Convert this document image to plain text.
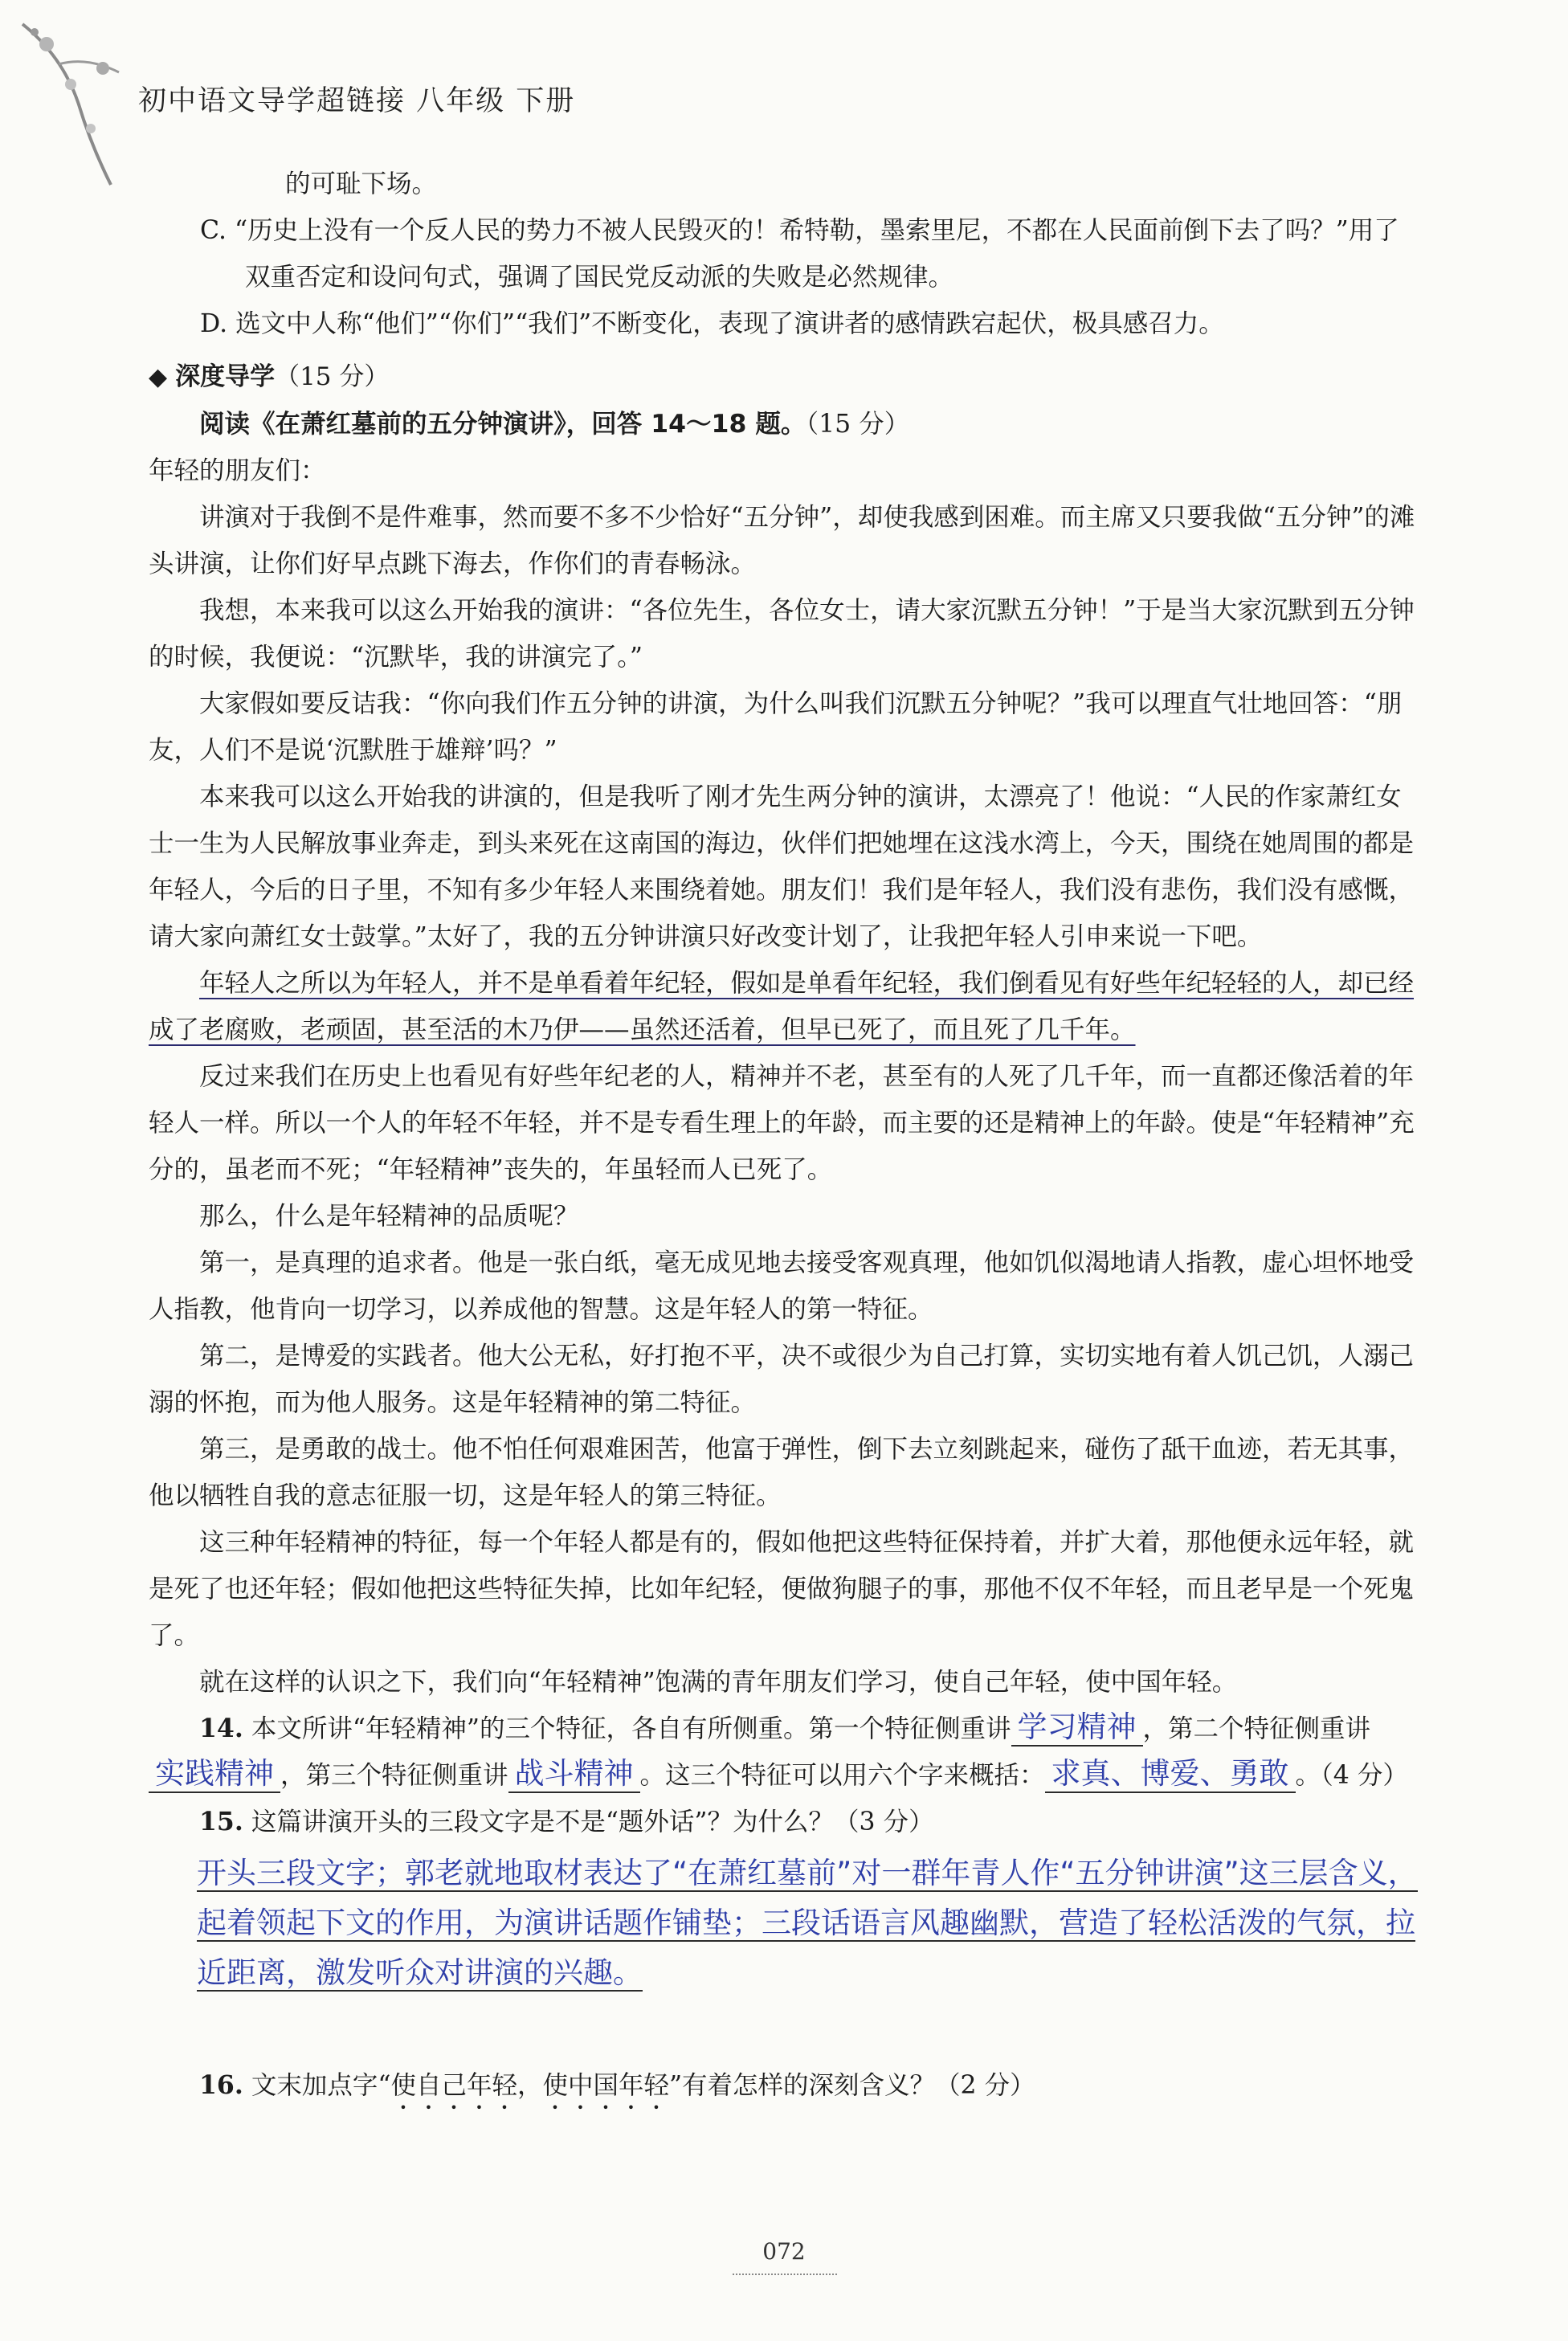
初中语文导学超链接 八年级 下册

的可耻下场。

C. “历史上没有一个反人民的势力不被人民毁灭的！希特勒，墨索里尼，不都在人民面前倒下去了吗？”用了双重否定和设问句式，强调了国民党反动派的失败是必然规律。

D. 选文中人称“他们”“你们”“我们”不断变化，表现了演讲者的感情跌宕起伏，极具感召力。

◆ 深度导学（15 分）

阅读《在萧红墓前的五分钟演讲》，回答 14～18 题。（15 分）

年轻的朋友们：

讲演对于我倒不是件难事，然而要不多不少恰好“五分钟”，却使我感到困难。而主席又只要我做“五分钟”的滩头讲演，让你们好早点跳下海去，作你们的青春畅泳。

我想，本来我可以这么开始我的演讲：“各位先生，各位女士，请大家沉默五分钟！”于是当大家沉默到五分钟的时候，我便说：“沉默毕，我的讲演完了。”

大家假如要反诘我：“你向我们作五分钟的讲演，为什么叫我们沉默五分钟呢？”我可以理直气壮地回答：“朋友，人们不是说‘沉默胜于雄辩’吗？”

本来我可以这么开始我的讲演的，但是我听了刚才先生两分钟的演讲，太漂亮了！他说：“人民的作家萧红女士一生为人民解放事业奔走，到头来死在这南国的海边，伙伴们把她埋在这浅水湾上，今天，围绕在她周围的都是年轻人，今后的日子里，不知有多少年轻人来围绕着她。朋友们！我们是年轻人，我们没有悲伤，我们没有感慨，请大家向萧红女士鼓掌。”太好了，我的五分钟讲演只好改变计划了，让我把年轻人引申来说一下吧。

年轻人之所以为年轻人，并不是单看着年纪轻，假如是单看年纪轻，我们倒看见有好些年纪轻轻的人，却已经成了老腐败，老顽固，甚至活的木乃伊——虽然还活着，但早已死了，而且死了几千年。

反过来我们在历史上也看见有好些年纪老的人，精神并不老，甚至有的人死了几千年，而一直都还像活着的年轻人一样。所以一个人的年轻不年轻，并不是专看生理上的年龄，而主要的还是精神上的年龄。使是“年轻精神”充分的，虽老而不死；“年轻精神”丧失的，年虽轻而人已死了。

那么，什么是年轻精神的品质呢？

第一，是真理的追求者。他是一张白纸，毫无成见地去接受客观真理，他如饥似渴地请人指教，虚心坦怀地受人指教，他肯向一切学习，以养成他的智慧。这是年轻人的第一特征。

第二，是博爱的实践者。他大公无私，好打抱不平，决不或很少为自己打算，实切实地有着人饥己饥，人溺己溺的怀抱，而为他人服务。这是年轻精神的第二特征。

第三，是勇敢的战士。他不怕任何艰难困苦，他富于弹性，倒下去立刻跳起来，碰伤了舐干血迹，若无其事，他以牺牲自我的意志征服一切，这是年轻人的第三特征。

这三种年轻精神的特征，每一个年轻人都是有的，假如他把这些特征保持着，并扩大着，那他便永远年轻，就是死了也还年轻；假如他把这些特征失掉，比如年纪轻，便做狗腿子的事，那他不仅不年轻，而且老早是一个死鬼了。

就在这样的认识之下，我们向“年轻精神”饱满的青年朋友们学习，使自己年轻，使中国年轻。

14. 本文所讲“年轻精神”的三个特征，各自有所侧重。第一个特征侧重讲 学习精神 ，第二个特征侧重讲实践精神 ，第三个特征侧重讲 战斗精神 。这三个特征可以用六个字来概括： 求真、博爱、勇敢 。（4 分）

15. 这篇讲演开头的三段文字是不是“题外话”？为什么？（3 分）

开头三段文字；郭老就地取材表达了“在萧红墓前”对一群年青人作“五分钟讲演”这三层含义，起着领起下文的作用，为演讲话题作铺垫；三段话语言风趣幽默，营造了轻松活泼的气氛，拉近距离，激发听众对讲演的兴趣。

16. 文末加点字“使自己年轻，使中国年轻”有着怎样的深刻含义？（2 分）

072
